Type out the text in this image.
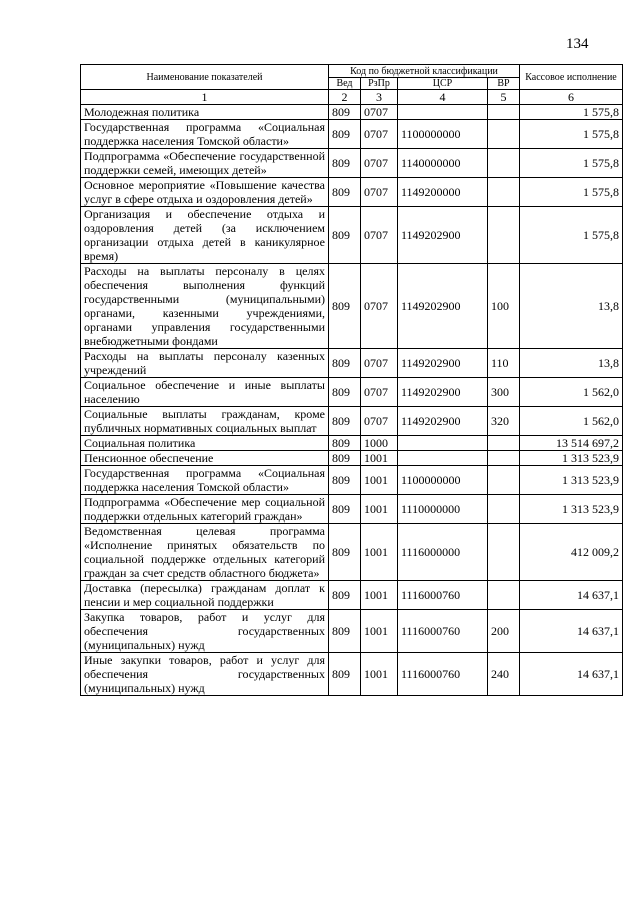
134
Наименование показателей	Код по бюджетной классификации				Кассовое исполнение
	Вед	РзПр	ЦСР	ВР	
1	2	3	4	5	6
Молодежная политика	809	0707			1 575,8
Государственная программа «Социальная поддержка населения Томской области»	809	0707	1100000000		1 575,8
Подпрограмма «Обеспечение государственной поддержки семей, имеющих детей»	809	0707	1140000000		1 575,8
Основное мероприятие «Повышение качества услуг в сфере отдыха и оздоровления детей»	809	0707	1149200000		1 575,8
Организация и обеспечение отдыха и оздоровления детей (за исключением организации отдыха детей в каникулярное время)	809	0707	1149202900		1 575,8
Расходы на выплаты персоналу в целях обеспечения выполнения функций государственными (муниципальными) органами, казенными учреждениями, органами управления государственными внебюджетными фондами	809	0707	1149202900	100	13,8
Расходы на выплаты персоналу казенных учреждений	809	0707	1149202900	110	13,8
Социальное обеспечение и иные выплаты населению	809	0707	1149202900	300	1 562,0
Социальные выплаты гражданам, кроме публичных нормативных социальных выплат	809	0707	1149202900	320	1 562,0
Социальная политика	809	1000			13 514 697,2
Пенсионное обеспечение	809	1001			1 313 523,9
Государственная программа «Социальная поддержка населения Томской области»	809	1001	1100000000		1 313 523,9
Подпрограмма «Обеспечение мер социальной поддержки отдельных категорий граждан»	809	1001	1110000000		1 313 523,9
Ведомственная целевая программа «Исполнение принятых обязательств по социальной поддержке отдельных категорий граждан за счет средств областного бюджета»	809	1001	1116000000		412 009,2
Доставка (пересылка) гражданам доплат к пенсии и мер социальной поддержки	809	1001	1116000760		14 637,1
Закупка товаров, работ и услуг для обеспечения государственных (муниципальных) нужд	809	1001	1116000760	200	14 637,1
Иные закупки товаров, работ и услуг для обеспечения государственных (муниципальных) нужд	809	1001	1116000760	240	14 637,1
